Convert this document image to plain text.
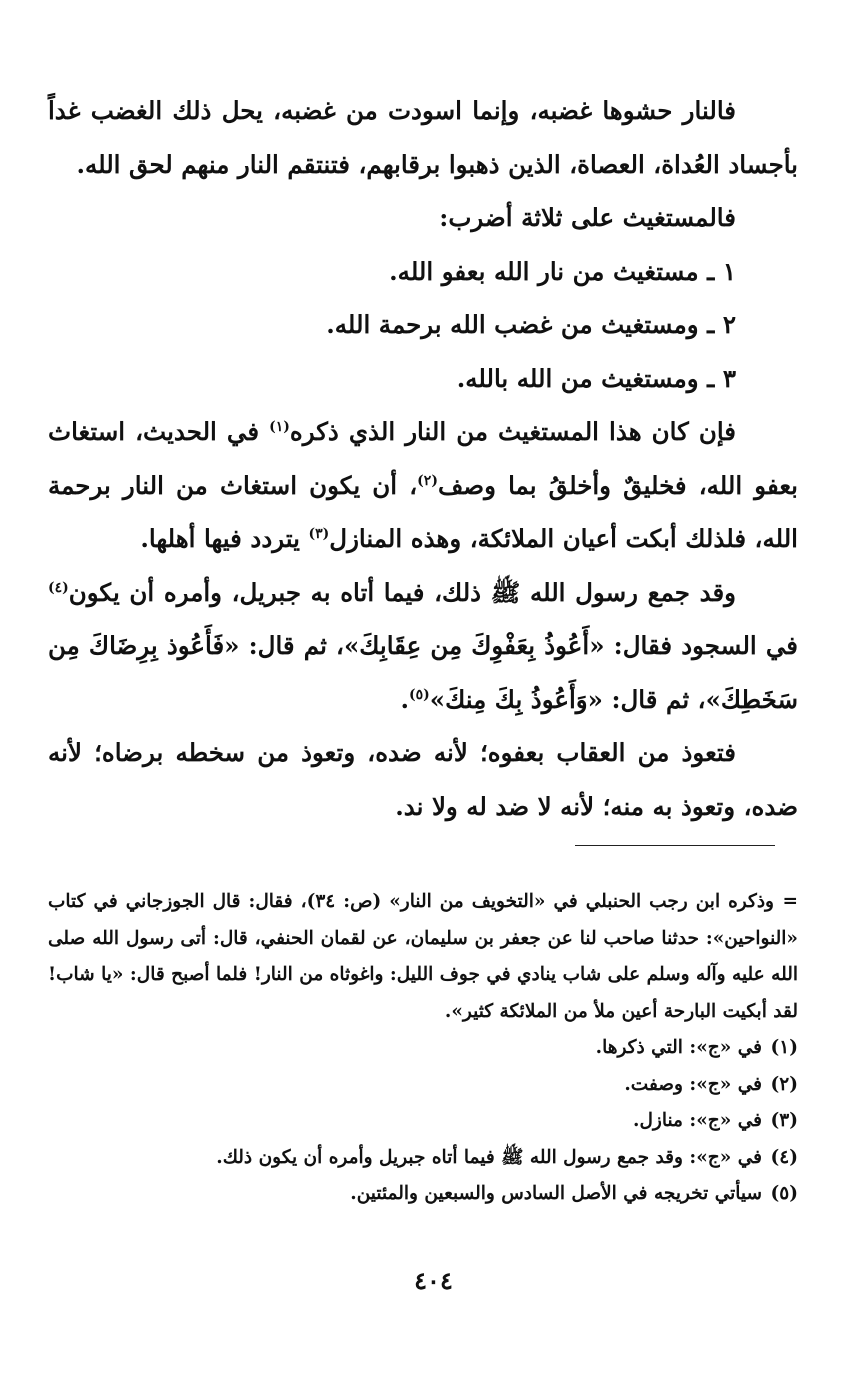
فالنار حشوها غضبه، وإنما اسودت من غضبه، يحل ذلك الغضب غداً بأجساد العُداة، العصاة، الذين ذهبوا برقابهم، فتنتقم النار منهم لحق الله.

فالمستغيث على ثلاثة أضرب:

١ ـ مستغيث من نار الله بعفو الله.

٢ ـ ومستغيث من غضب الله برحمة الله.

٣ ـ ومستغيث من الله بالله.

فإن كان هذا المستغيث من النار الذي ذكره$^{(١)}$ في الحديث، استغاث بعفو الله، فخليقٌ وأخلقُ بما وصف$^{(٢)}$، أن يكون استغاث من النار برحمة الله، فلذلك أبكت أعيان الملائكة، وهذه المنازل$^{(٣)}$ يتردد فيها أهلها.

وقد جمع رسول الله ﷺ ذلك، فيما أتاه به جبريل، وأمره أن يكون$^{(٤)}$ في السجود فقال: «أَعُوذُ بِعَفْوِكَ مِن عِقَابِكَ»، ثم قال: «فَأَعُوذ بِرِضَاكَ مِن سَخَطِكَ»، ثم قال: «وَأَعُوذُ بِكَ مِنكَ»$^{(٥)}$.

فتعوذ من العقاب بعفوه؛ لأنه ضده، وتعوذ من سخطه برضاه؛ لأنه ضده، وتعوذ به منه؛ لأنه لا ضد له ولا ند.

=وذكره ابن رجب الحنبلي في «التخويف من النار» (ص: ٣٤)، فقال: قال الجوزجاني في كتاب «النواحين»: حدثنا صاحب لنا عن جعفر بن سليمان، عن لقمان الحنفي، قال: أتى رسول الله صلى الله عليه وآله وسلم على شاب ينادي في جوف الليل: واغوثاه من النار! فلما أصبح قال: «يا شاب! لقد أبكيت البارحة أعين ملأ من الملائكة كثير».

(١)
في «ج»: التي ذكرها.
(٢)
في «ج»: وصفت.
(٣)
في «ج»: منازل.
(٤)
في «ج»: وقد جمع رسول الله ﷺ فيما أتاه جبريل وأمره أن يكون ذلك.
(٥)
سيأتي تخريجه في الأصل السادس والسبعين والمئتين.
٤٠٤
